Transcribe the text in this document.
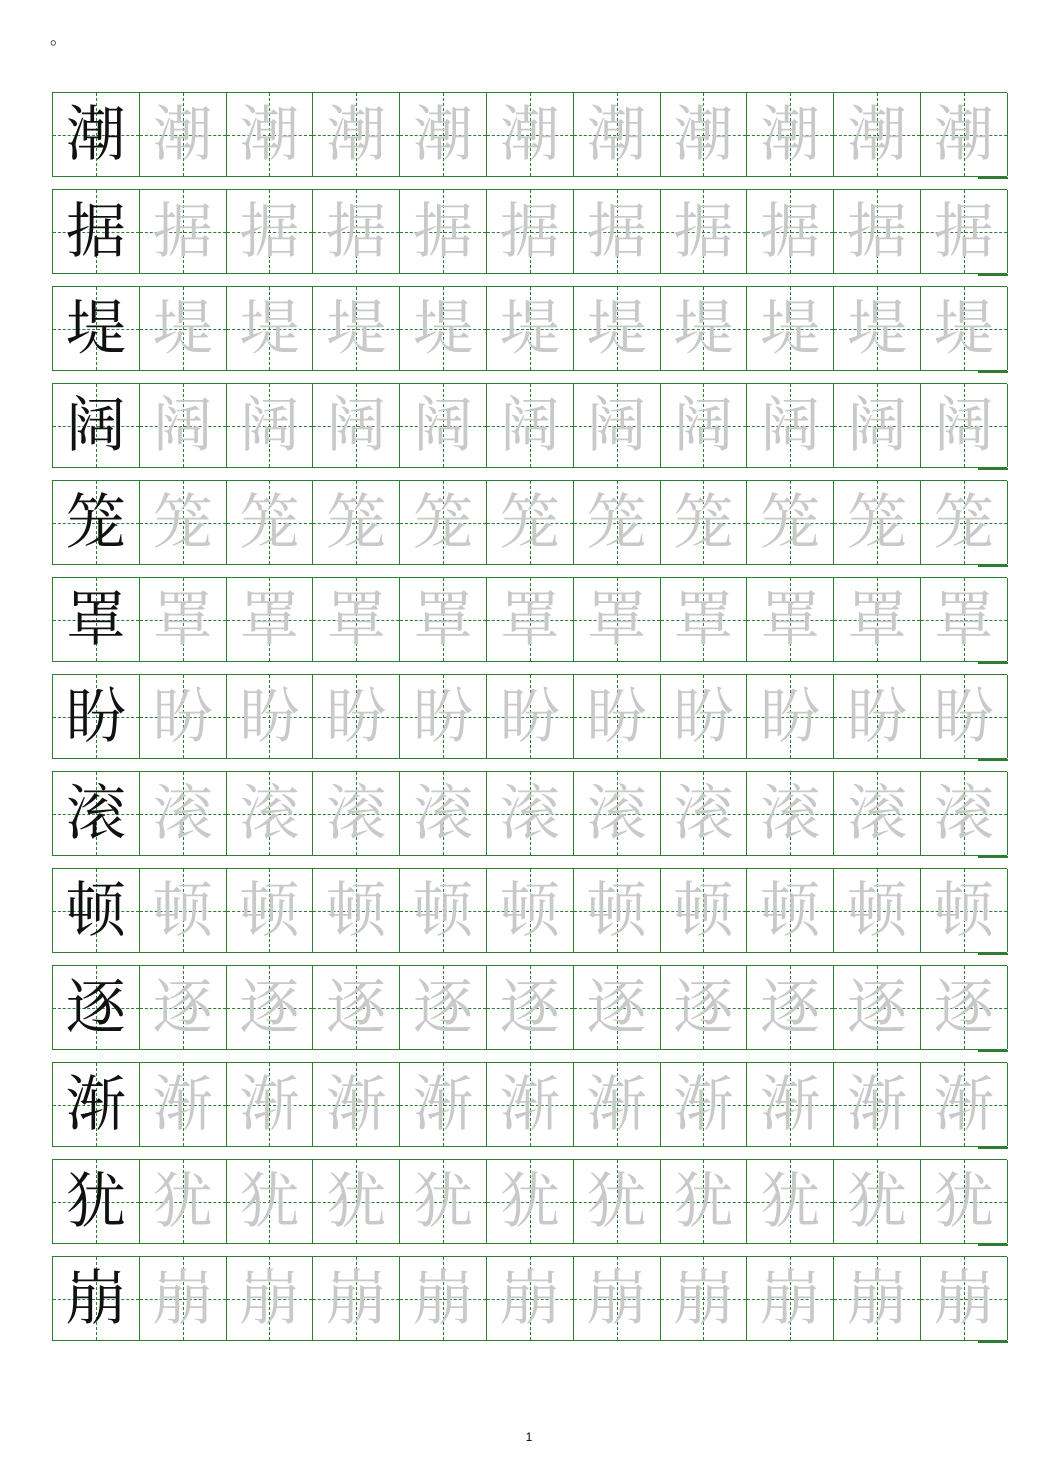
。
潮 潮 潮 潮 潮 潮 潮 潮 潮 潮 潮
据 据 据 据 据 据 据 据 据 据 据
堤 堤 堤 堤 堤 堤 堤 堤 堤 堤 堤
阔 阔 阔 阔 阔 阔 阔 阔 阔 阔 阔
笼 笼 笼 笼 笼 笼 笼 笼 笼 笼 笼
罩 罩 罩 罩 罩 罩 罩 罩 罩 罩 罩
盼 盼 盼 盼 盼 盼 盼 盼 盼 盼 盼
滚 滚 滚 滚 滚 滚 滚 滚 滚 滚 滚
顿 顿 顿 顿 顿 顿 顿 顿 顿 顿 顿
逐 逐 逐 逐 逐 逐 逐 逐 逐 逐 逐
渐 渐 渐 渐 渐 渐 渐 渐 渐 渐 渐
犹 犹 犹 犹 犹 犹 犹 犹 犹 犹 犹
崩 崩 崩 崩 崩 崩 崩 崩 崩 崩 崩
1
